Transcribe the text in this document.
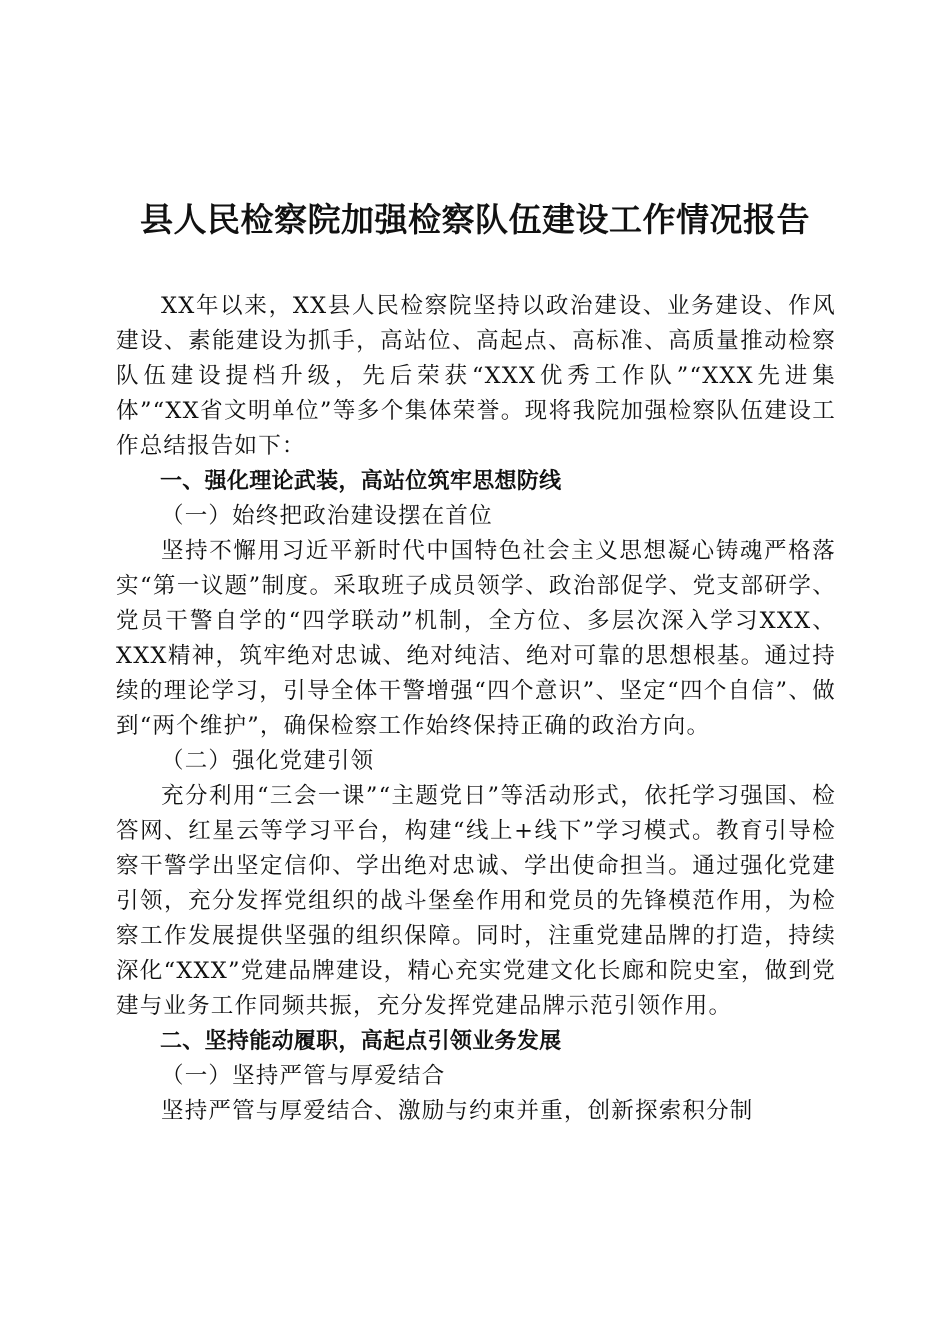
县人民检察院加强检察队伍建设工作情况报告

XX年以来，XX县人民检察院坚持以政治建设、业务建设、作风建设、素能建设为抓手，高站位、高起点、高标准、高质量推动检察队伍建设提档升级，先后荣获“XXX优秀工作队”“XXX先进集体”“XX省文明单位”等多个集体荣誉。现将我院加强检察队伍建设工作总结报告如下：

一、强化理论武装，高站位筑牢思想防线

（一）始终把政治建设摆在首位

坚持不懈用习近平新时代中国特色社会主义思想凝心铸魂严格落实“第一议题”制度。采取班子成员领学、政治部促学、党支部研学、党员干警自学的“四学联动”机制，全方位、多层次深入学习XXX、XXX精神，筑牢绝对忠诚、绝对纯洁、绝对可靠的思想根基。通过持续的理论学习，引导全体干警增强“四个意识”、坚定“四个自信”、做到“两个维护”，确保检察工作始终保持正确的政治方向。

（二）强化党建引领

充分利用“三会一课”“主题党日”等活动形式，依托学习强国、检答网、红星云等学习平台，构建“线上+线下”学习模式。教育引导检察干警学出坚定信仰、学出绝对忠诚、学出使命担当。通过强化党建引领，充分发挥党组织的战斗堡垒作用和党员的先锋模范作用，为检察工作发展提供坚强的组织保障。同时，注重党建品牌的打造，持续深化“XXX”党建品牌建设，精心充实党建文化长廊和院史室，做到党建与业务工作同频共振，充分发挥党建品牌示范引领作用。

二、坚持能动履职，高起点引领业务发展

（一）坚持严管与厚爱结合

坚持严管与厚爱结合、激励与约束并重，创新探索积分制
